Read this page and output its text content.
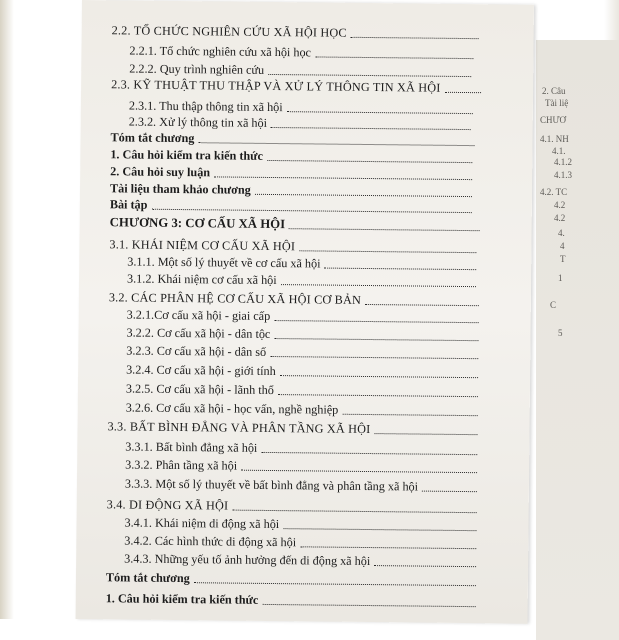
2. Câu
Tài liệ
CHƯƠ
4.1. NH
4.1.
4.1.2
4.1.3
4.2. TC
4.2
4.2
4.
4
T
1
C
5
2.2. TỔ CHỨC NGHIÊN CỨU XÃ HỘI HỌC
2.2.1. Tổ chức nghiên cứu xã hội học
2.2.2. Quy trình nghiên cứu
2.3. KỸ THUẬT THU THẬP VÀ XỬ LÝ THÔNG TIN XÃ HỘI
2.3.1. Thu thập thông tin xã hội
2.3.2. Xử lý thông tin xã hội
Tóm tắt chương
1. Câu hỏi kiểm tra kiến thức
2. Câu hỏi suy luận
Tài liệu tham khảo chương
Bài tập
CHƯƠNG 3: CƠ CẤU XÃ HỘI
3.1. KHÁI NIỆM CƠ CẤU XÃ HỘI
3.1.1. Một số lý thuyết về cơ cấu xã hội
3.1.2. Khái niệm cơ cấu xã hội
3.2. CÁC PHÂN HỆ CƠ CẤU XÃ HỘI CƠ BẢN
3.2.1.Cơ cấu xã hội - giai cấp
3.2.2. Cơ cấu xã hội - dân tộc
3.2.3. Cơ cấu xã hội - dân số
3.2.4. Cơ cấu xã hội - giới tính
3.2.5. Cơ cấu xã hội - lãnh thổ
3.2.6. Cơ cấu xã hội - học vấn, nghề nghiệp
3.3. BẤT BÌNH ĐẲNG VÀ PHÂN TẦNG XÃ HỘI
3.3.1. Bất bình đẳng xã hội
3.3.2. Phân tầng xã hội
3.3.3. Một số lý thuyết về bất bình đẳng và phân tầng xã hội
3.4. DI ĐỘNG XÃ HỘI
3.4.1. Khái niệm di động xã hội
3.4.2. Các hình thức di động xã hội
3.4.3. Những yếu tố ảnh hưởng đến di động xã hội
Tóm tắt chương
1. Câu hỏi kiểm tra kiến thức
